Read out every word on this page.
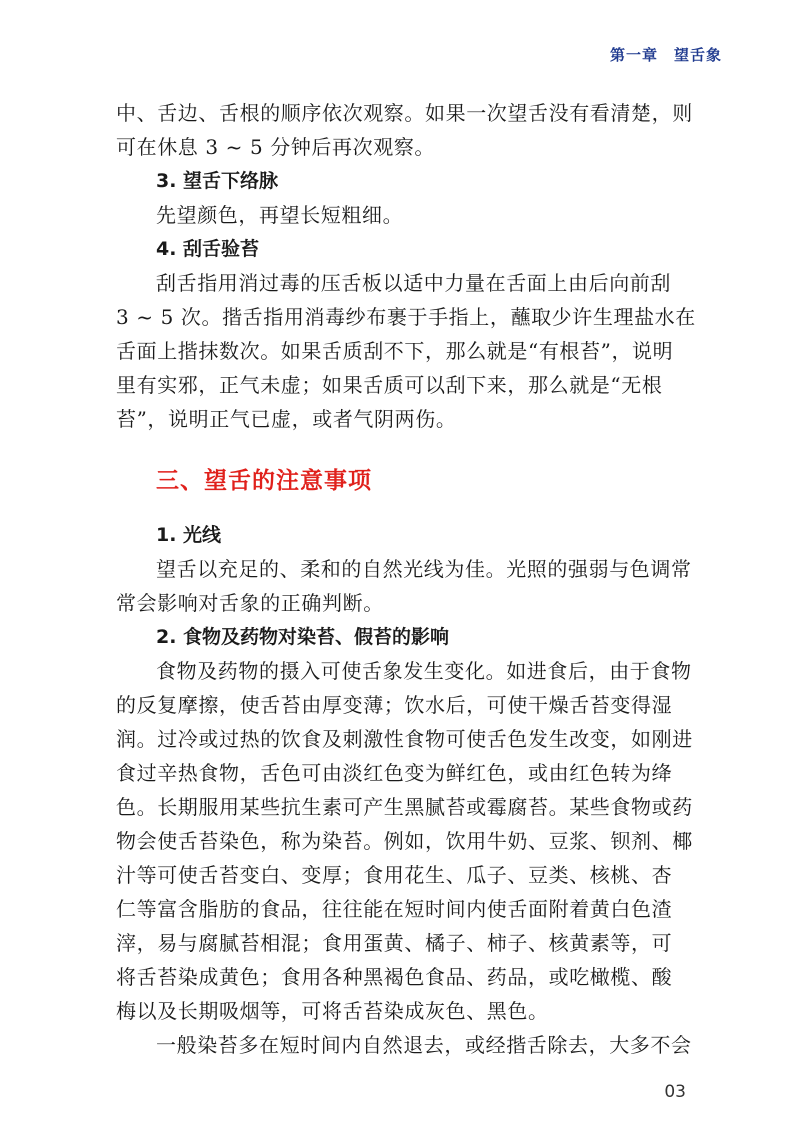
第一章　望舌象
中、舌边、舌根的顺序依次观察。如果一次望舌没有看清楚，则
可在休息 3 ~ 5 分钟后再次观察。
3. 望舌下络脉
先望颜色，再望长短粗细。
4. 刮舌验苔
刮舌指用消过毒的压舌板以适中力量在舌面上由后向前刮
3 ~ 5 次。揩舌指用消毒纱布裹于手指上，蘸取少许生理盐水在
舌面上揩抹数次。如果舌质刮不下，那么就是“有根苔”，说明
里有实邪，正气未虚；如果舌质可以刮下来，那么就是“无根
苔”，说明正气已虚，或者气阴两伤。
三、望舌的注意事项
1. 光线
望舌以充足的、柔和的自然光线为佳。光照的强弱与色调常
常会影响对舌象的正确判断。
2. 食物及药物对染苔、假苔的影响
食物及药物的摄入可使舌象发生变化。如进食后，由于食物
的反复摩擦，使舌苔由厚变薄；饮水后，可使干燥舌苔变得湿
润。过冷或过热的饮食及刺激性食物可使舌色发生改变，如刚进
食过辛热食物，舌色可由淡红色变为鲜红色，或由红色转为绛
色。长期服用某些抗生素可产生黑腻苔或霉腐苔。某些食物或药
物会使舌苔染色，称为染苔。例如，饮用牛奶、豆浆、钡剂、椰
汁等可使舌苔变白、变厚；食用花生、瓜子、豆类、核桃、杏
仁等富含脂肪的食品，往往能在短时间内使舌面附着黄白色渣
滓，易与腐腻苔相混；食用蛋黄、橘子、柿子、核黄素等，可
将舌苔染成黄色；食用各种黑褐色食品、药品，或吃橄榄、酸
梅以及长期吸烟等，可将舌苔染成灰色、黑色。
一般染苔多在短时间内自然退去，或经揩舌除去，大多不会
03
